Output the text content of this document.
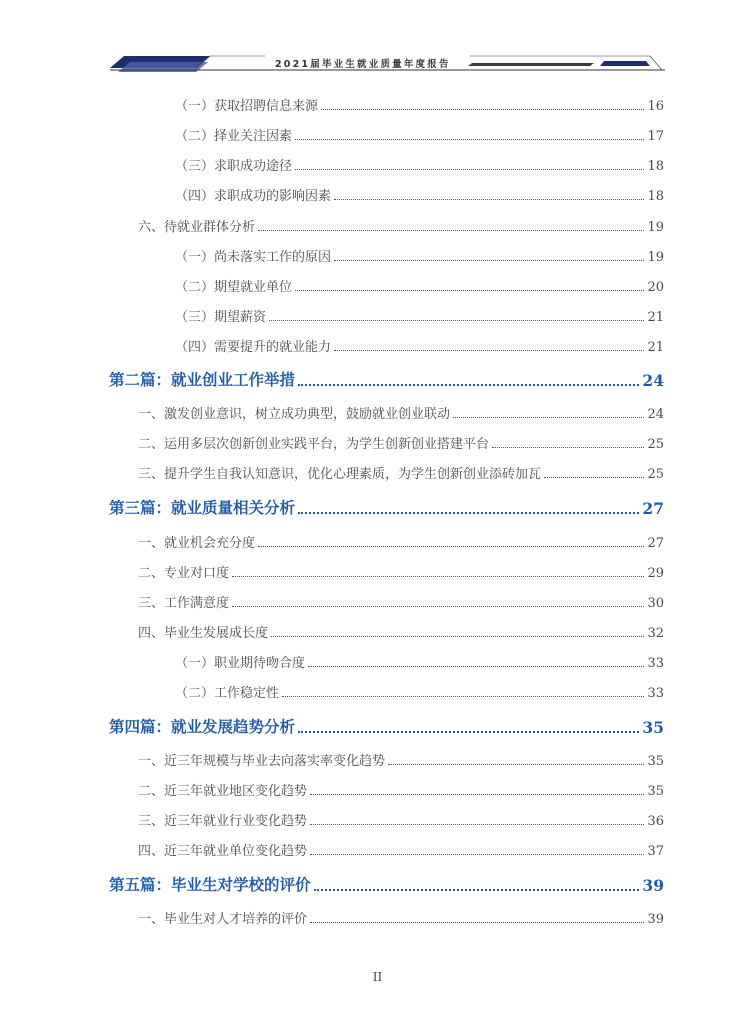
2021届毕业生就业质量年度报告
（一）获取招聘信息来源	16
（二）择业关注因素	17
（三）求职成功途径	18
（四）求职成功的影响因素	18
六、待就业群体分析	19
（一）尚未落实工作的原因	19
（二）期望就业单位	20
（三）期望薪资	21
（四）需要提升的就业能力	21
第二篇：就业创业工作举措	24
一、激发创业意识，树立成功典型，鼓励就业创业联动	24
二、运用多层次创新创业实践平台，为学生创新创业搭建平台	25
三、提升学生自我认知意识，优化心理素质，为学生创新创业添砖加瓦	25
第三篇：就业质量相关分析	27
一、就业机会充分度	27
二、专业对口度	29
三、工作满意度	30
四、毕业生发展成长度	32
（一）职业期待吻合度	33
（二）工作稳定性	33
第四篇：就业发展趋势分析	35
一、近三年规模与毕业去向落实率变化趋势	35
二、近三年就业地区变化趋势	35
三、近三年就业行业变化趋势	36
四、近三年就业单位变化趋势	37
第五篇：毕业生对学校的评价	39
一、毕业生对人才培养的评价	39
II
